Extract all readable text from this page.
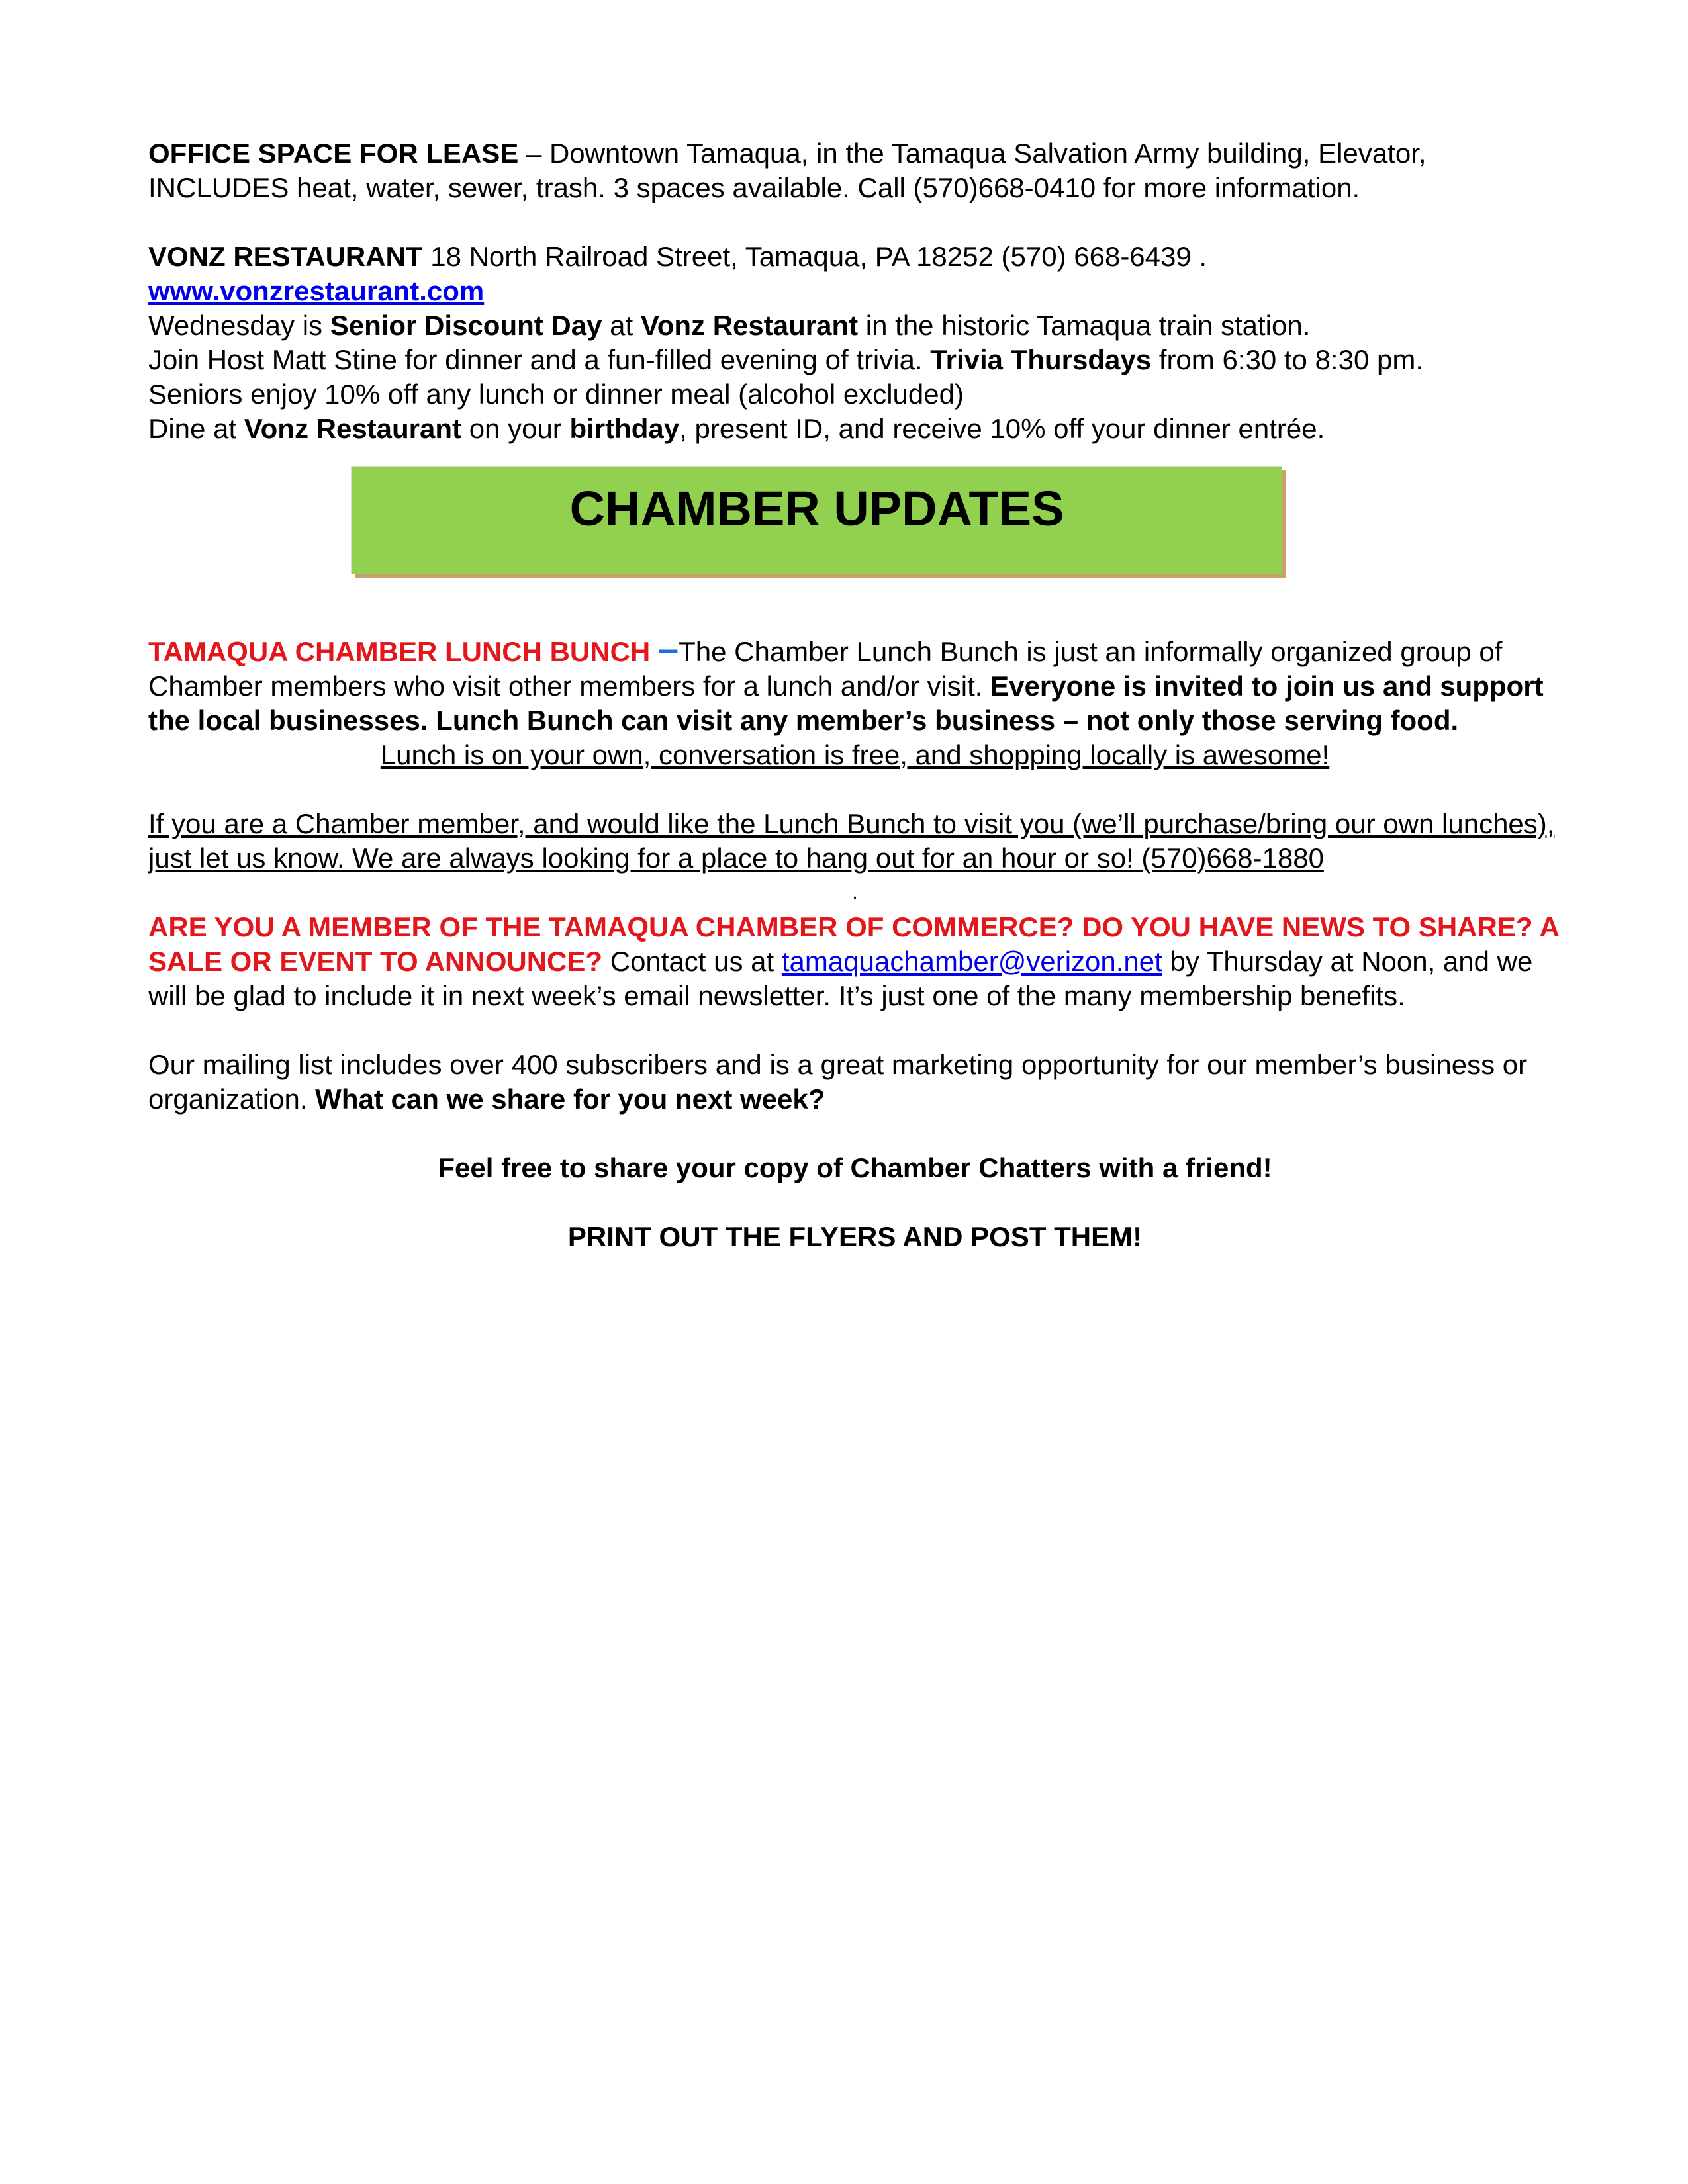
OFFICE SPACE FOR LEASE – Downtown Tamaqua, in the Tamaqua Salvation Army building, Elevator,
INCLUDES heat, water, sewer, trash. 3 spaces available. Call (570)668-0410 for more information.

VONZ RESTAURANT 18 North Railroad Street, Tamaqua, PA 18252 (570) 668-6439 .
www.vonzrestaurant.com
Wednesday is Senior Discount Day at Vonz Restaurant in the historic Tamaqua train station.
Join Host Matt Stine for dinner and a fun-filled evening of trivia. Trivia Thursdays from 6:30 to 8:30 pm.
Seniors enjoy 10% off any lunch or dinner meal (alcohol excluded)
Dine at Vonz Restaurant on your birthday, present ID, and receive 10% off your dinner entrée.

CHAMBER UPDATES

TAMAQUA CHAMBER LUNCH BUNCH –The Chamber Lunch Bunch is just an informally organized group of Chamber members who visit other members for a lunch and/or visit. Everyone is invited to join us and support the local businesses. Lunch Bunch can visit any member’s business – not only those serving food.

Lunch is on your own, conversation is free, and shopping locally is awesome!

If you are a Chamber member, and would like the Lunch Bunch to visit you (we’ll purchase/bring our own lunches), just let us know. We are always looking for a place to hang out for an hour or so! (570)668-1880

.

ARE YOU A MEMBER OF THE TAMAQUA CHAMBER OF COMMERCE? DO YOU HAVE NEWS TO SHARE? A SALE OR EVENT TO ANNOUNCE? Contact us at tamaquachamber@verizon.net by Thursday at Noon, and we will be glad to include it in next week’s email newsletter. It’s just one of the many membership benefits.

Our mailing list includes over 400 subscribers and is a great marketing opportunity for our member’s business or organization. What can we share for you next week?

Feel free to share your copy of Chamber Chatters with a friend!

PRINT OUT THE FLYERS AND POST THEM!
